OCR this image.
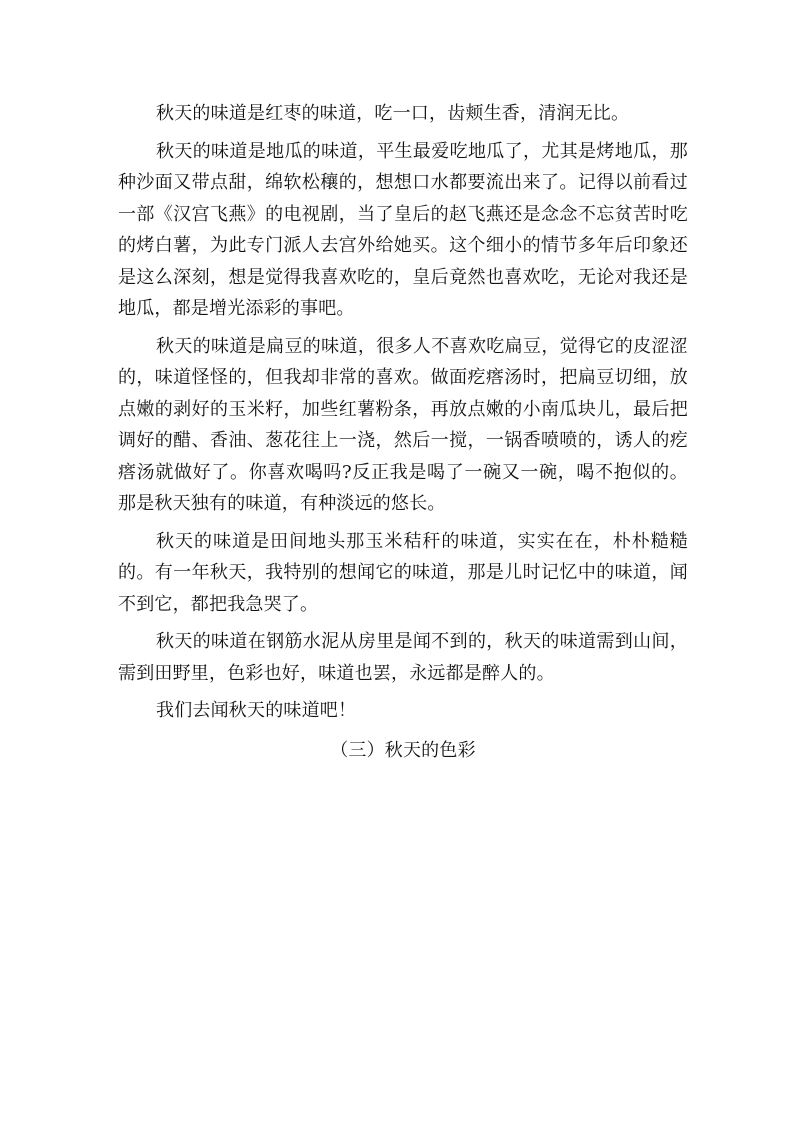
秋天的味道是红枣的味道，吃一口，齿颊生香，清润无比。

秋天的味道是地瓜的味道，平生最爱吃地瓜了，尤其是烤地瓜，那种沙面又带点甜，绵软松穰的，想想口水都要流出来了。记得以前看过一部《汉宫飞燕》的电视剧，当了皇后的赵飞燕还是念念不忘贫苦时吃的烤白薯，为此专门派人去宫外给她买。这个细小的情节多年后印象还是这么深刻，想是觉得我喜欢吃的，皇后竟然也喜欢吃，无论对我还是地瓜，都是增光添彩的事吧。

秋天的味道是扁豆的味道，很多人不喜欢吃扁豆，觉得它的皮涩涩的，味道怪怪的，但我却非常的喜欢。做面疙瘩汤时，把扁豆切细，放点嫩的剥好的玉米籽，加些红薯粉条，再放点嫩的小南瓜块儿，最后把调好的醋、香油、葱花往上一浇，然后一搅，一锅香喷喷的，诱人的疙瘩汤就做好了。你喜欢喝吗?反正我是喝了一碗又一碗，喝不抱似的。那是秋天独有的味道，有种淡远的悠长。

秋天的味道是田间地头那玉米秸秆的味道，实实在在，朴朴糙糙的。有一年秋天，我特别的想闻它的味道，那是儿时记忆中的味道，闻不到它，都把我急哭了。

秋天的味道在钢筋水泥从房里是闻不到的，秋天的味道需到山间，需到田野里，色彩也好，味道也罢，永远都是醉人的。

我们去闻秋天的味道吧！

（三）秋天的色彩
